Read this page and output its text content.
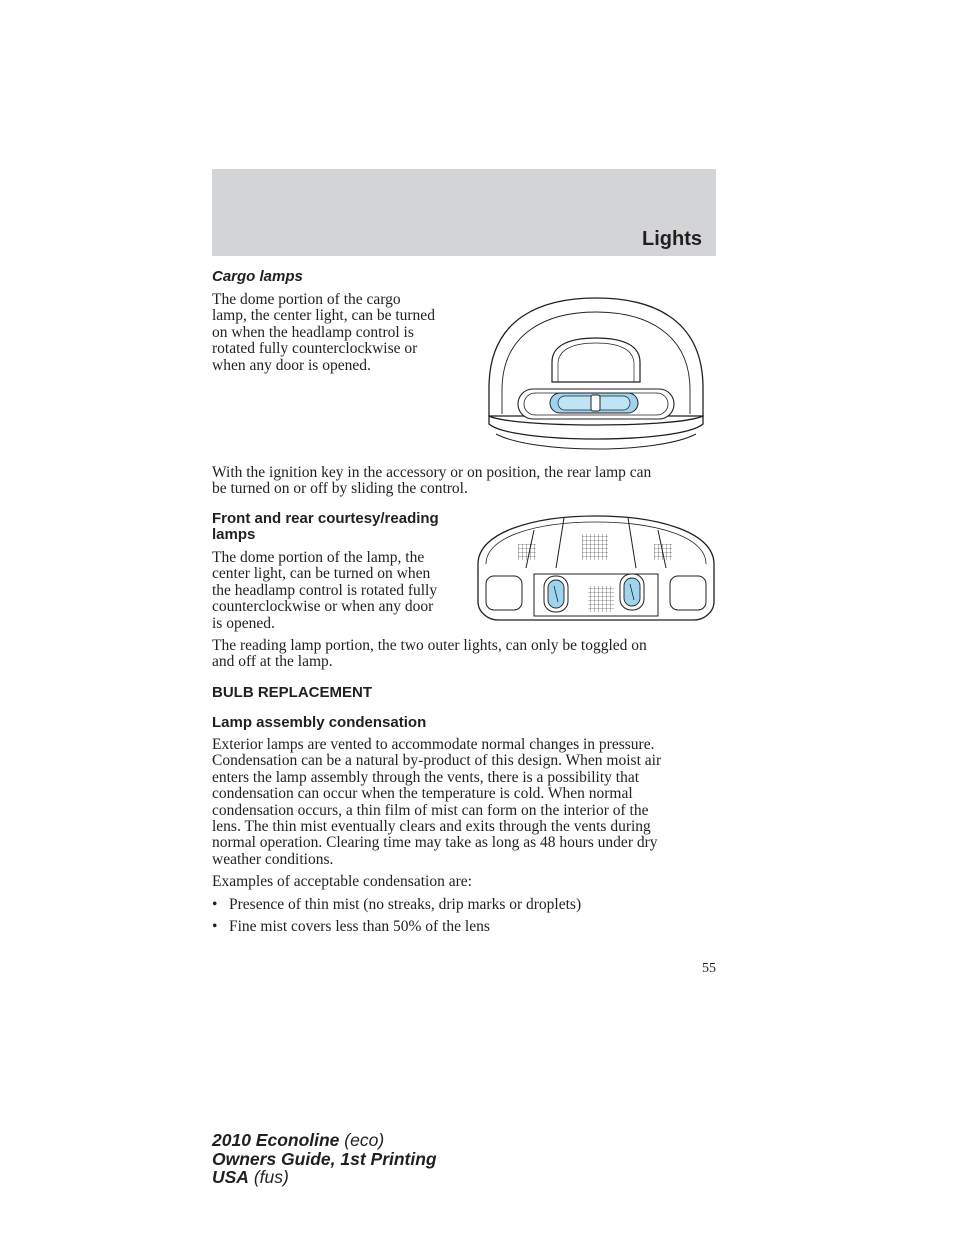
Lights
Cargo lamps
The dome portion of the cargo
lamp, the center light, can be turned
on when the headlamp control is
rotated fully counterclockwise or
when any door is opened.
With the ignition key in the accessory or on position, the rear lamp can
be turned on or off by sliding the control.
Front and rear courtesy/reading
lamps
The dome portion of the lamp, the
center light, can be turned on when
the headlamp control is rotated fully
counterclockwise or when any door
is opened.
The reading lamp portion, the two outer lights, can only be toggled on
and off at the lamp.
BULB REPLACEMENT
Lamp assembly condensation
Exterior lamps are vented to accommodate normal changes in pressure.
Condensation can be a natural by-product of this design. When moist air
enters the lamp assembly through the vents, there is a possibility that
condensation can occur when the temperature is cold. When normal
condensation occurs, a thin film of mist can form on the interior of the
lens. The thin mist eventually clears and exits through the vents during
normal operation. Clearing time may take as long as 48 hours under dry
weather conditions.
Examples of acceptable condensation are:
• Presence of thin mist (no streaks, drip marks or droplets)
• Fine mist covers less than 50% of the lens
55
2010 Econoline (eco)
Owners Guide, 1st Printing
USA (fus)
